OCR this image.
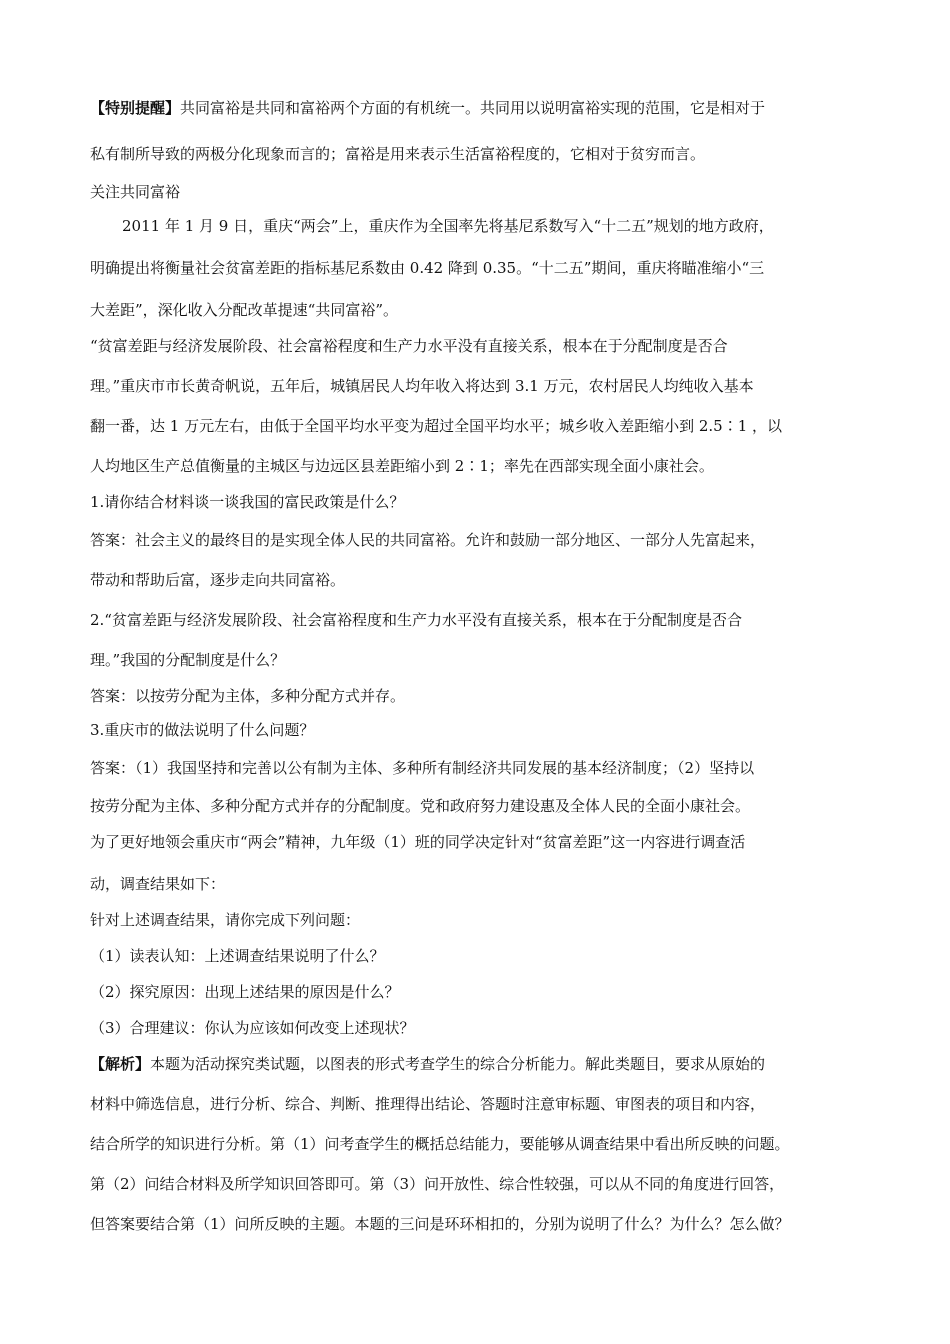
【特别提醒】共同富裕是共同和富裕两个方面的有机统一。共同用以说明富裕实现的范围，它是相对于
私有制所导致的两极分化现象而言的；富裕是用来表示生活富裕程度的，它相对于贫穷而言。
关注共同富裕
2011 年 1 月 9 日，重庆“两会”上，重庆作为全国率先将基尼系数写入“十二五”规划的地方政府，
明确提出将衡量社会贫富差距的指标基尼系数由 0.42 降到 0.35。“十二五”期间，重庆将瞄准缩小“三
大差距”，深化收入分配改革提速“共同富裕”。
“贫富差距与经济发展阶段、社会富裕程度和生产力水平没有直接关系，根本在于分配制度是否合
理。”重庆市市长黄奇帆说，五年后，城镇居民人均年收入将达到 3.1 万元，农村居民人均纯收入基本
翻一番，达 1 万元左右，由低于全国平均水平变为超过全国平均水平；城乡收入差距缩小到 2.5∶1 ，以
人均地区生产总值衡量的主城区与边远区县差距缩小到 2∶1；率先在西部实现全面小康社会。
1.请你结合材料谈一谈我国的富民政策是什么？
答案：社会主义的最终目的是实现全体人民的共同富裕。允许和鼓励一部分地区、一部分人先富起来，
带动和帮助后富，逐步走向共同富裕。
2.“贫富差距与经济发展阶段、社会富裕程度和生产力水平没有直接关系，根本在于分配制度是否合
理。”我国的分配制度是什么？
答案：以按劳分配为主体，多种分配方式并存。
3.重庆市的做法说明了什么问题？
答案：（1）我国坚持和完善以公有制为主体、多种所有制经济共同发展的基本经济制度；（2）坚持以
按劳分配为主体、多种分配方式并存的分配制度。党和政府努力建设惠及全体人民的全面小康社会。
为了更好地领会重庆市“两会”精神，九年级（1）班的同学决定针对“贫富差距”这一内容进行调查活
动，调查结果如下：
针对上述调查结果，请你完成下列问题：
（1）读表认知：上述调查结果说明了什么？
（2）探究原因：出现上述结果的原因是什么？
（3）合理建议：你认为应该如何改变上述现状？
【解析】本题为活动探究类试题，以图表的形式考查学生的综合分析能力。解此类题目，要求从原始的
材料中筛选信息，进行分析、综合、判断、推理得出结论、答题时注意审标题、审图表的项目和内容，
结合所学的知识进行分析。第（1）问考查学生的概括总结能力，要能够从调查结果中看出所反映的问题。
第（2）问结合材料及所学知识回答即可。第（3）问开放性、综合性较强，可以从不同的角度进行回答，
但答案要结合第（1）问所反映的主题。本题的三问是环环相扣的，分别为说明了什么？为什么？怎么做？
